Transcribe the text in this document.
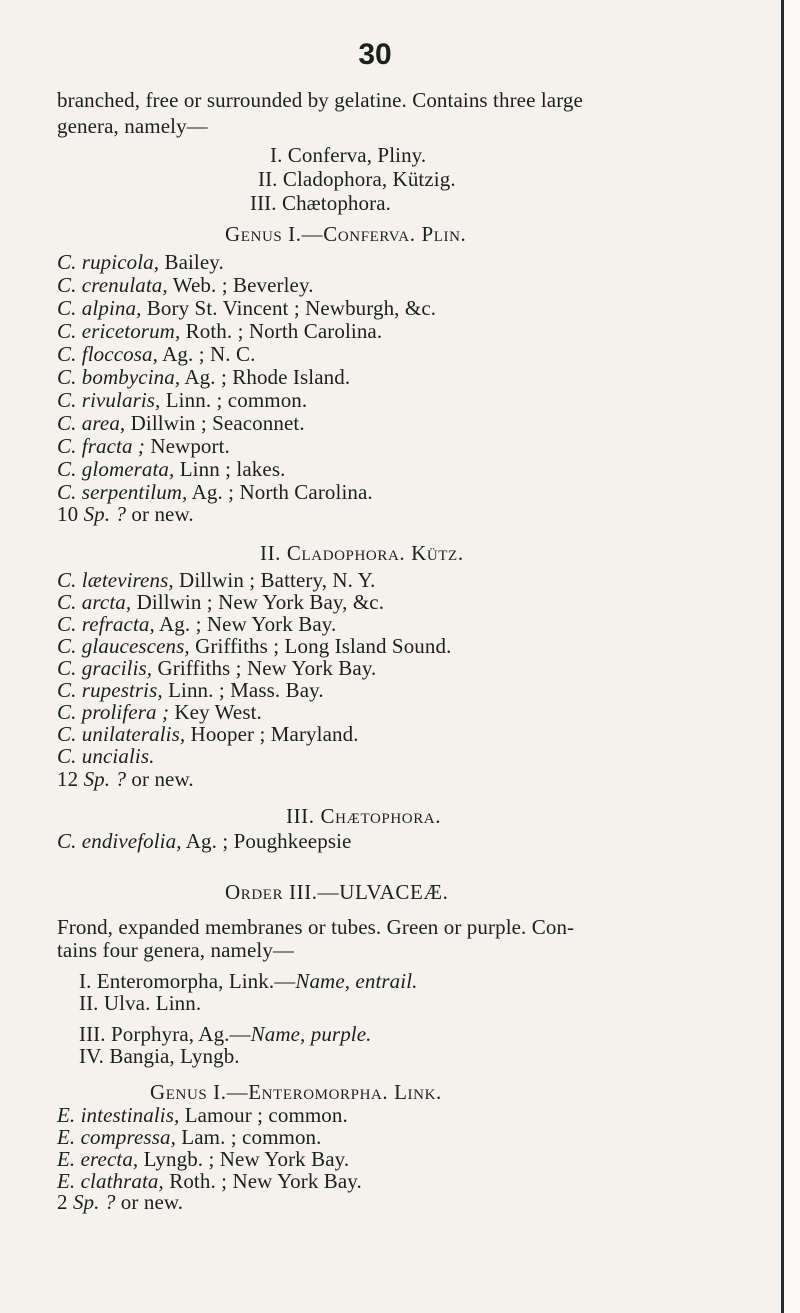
30
branched, free or surrounded by gelatine. Contains three large
genera, namely—
I. Conferva, Pliny.
II. Cladophora, Kützig.
III. Chætophora.
Genus I.—Conferva. Plin.
C. rupicola, Bailey.
C. crenulata, Web. ; Beverley.
C. alpina, Bory St. Vincent ; Newburgh, &c.
C. ericetorum, Roth. ; North Carolina.
C. floccosa, Ag. ; N. C.
C. bombycina, Ag. ; Rhode Island.
C. rivularis, Linn. ; common.
C. area, Dillwin ; Seaconnet.
C. fracta ; Newport.
C. glomerata, Linn ; lakes.
C. serpentilum, Ag. ; North Carolina.
10 Sp. ? or new.
II. Cladophora. Kütz.
C. lætevirens, Dillwin ; Battery, N. Y.
C. arcta, Dillwin ; New York Bay, &c.
C. refracta, Ag. ; New York Bay.
C. glaucescens, Griffiths ; Long Island Sound.
C. gracilis, Griffiths ; New York Bay.
C. rupestris, Linn. ; Mass. Bay.
C. prolifera ; Key West.
C. unilateralis, Hooper ; Maryland.
C. uncialis.
12 Sp. ? or new.
III. Chætophora.
C. endivefolia, Ag. ; Poughkeepsie
Order III.—ULVACEÆ.
Frond, expanded membranes or tubes. Green or purple. Con-
tains four genera, namely—
I. Enteromorpha, Link.—Name, entrail.
II. Ulva. Linn.
III. Porphyra, Ag.—Name, purple.
IV. Bangia, Lyngb.
Genus I.—Enteromorpha. Link.
E. intestinalis, Lamour ; common.
E. compressa, Lam. ; common.
E. erecta, Lyngb. ; New York Bay.
E. clathrata, Roth. ; New York Bay.
2 Sp. ? or new.
